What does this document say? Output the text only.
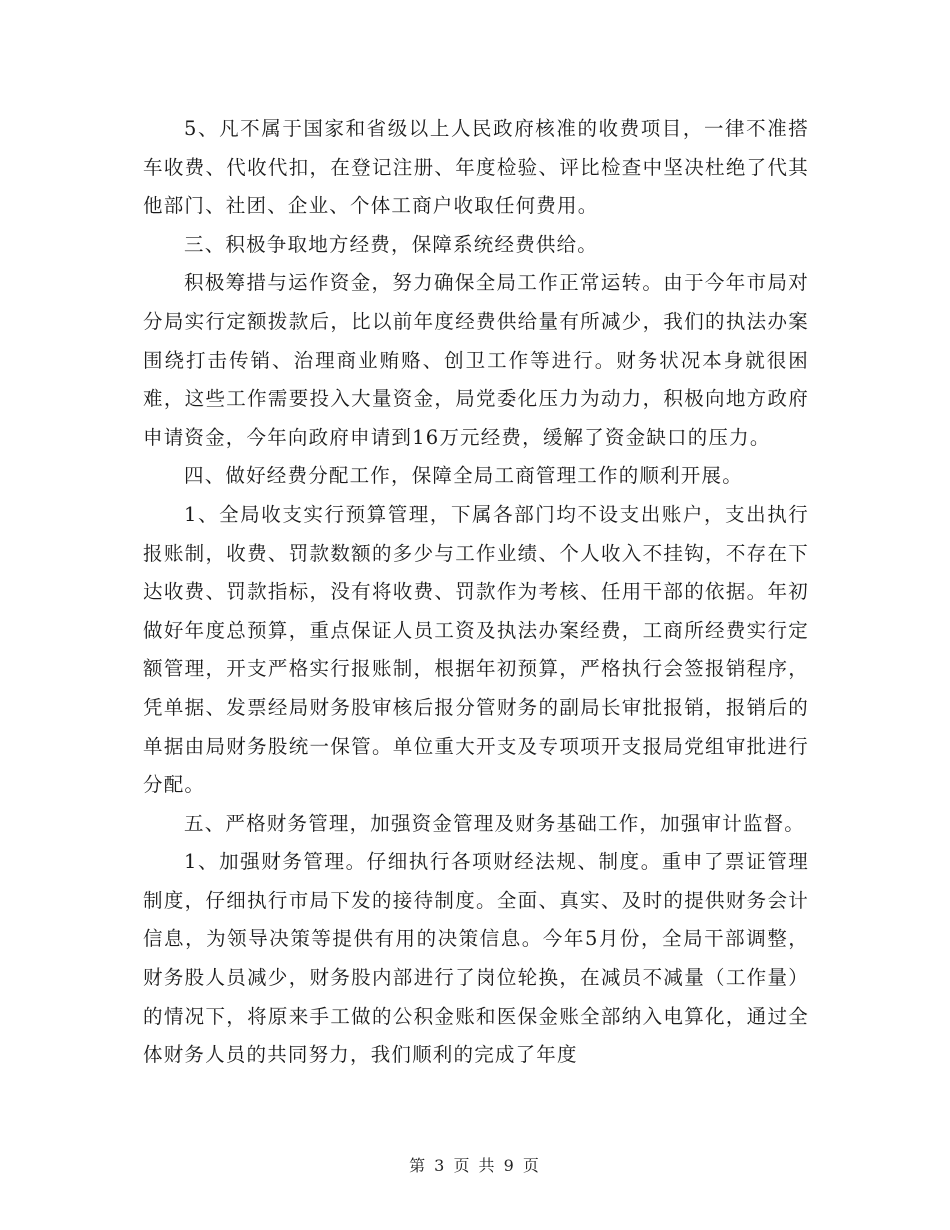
5、凡不属于国家和省级以上人民政府核准的收费项目，一律不准搭车收费、代收代扣，在登记注册、年度检验、评比检查中坚决杜绝了代其他部门、社团、企业、个体工商户收取任何费用。

三、积极争取地方经费，保障系统经费供给。

积极筹措与运作资金，努力确保全局工作正常运转。由于今年市局对分局实行定额拨款后，比以前年度经费供给量有所减少，我们的执法办案围绕打击传销、治理商业贿赂、创卫工作等进行。财务状况本身就很困难，这些工作需要投入大量资金，局党委化压力为动力，积极向地方政府申请资金，今年向政府申请到16万元经费，缓解了资金缺口的压力。

四、做好经费分配工作，保障全局工商管理工作的顺利开展。

1、全局收支实行预算管理，下属各部门均不设支出账户，支出执行报账制，收费、罚款数额的多少与工作业绩、个人收入不挂钩，不存在下达收费、罚款指标，没有将收费、罚款作为考核、任用干部的依据。年初做好年度总预算，重点保证人员工资及执法办案经费，工商所经费实行定额管理，开支严格实行报账制，根据年初预算，严格执行会签报销程序，凭单据、发票经局财务股审核后报分管财务的副局长审批报销，报销后的单据由局财务股统一保管。单位重大开支及专项项开支报局党组审批进行分配。

五、严格财务管理，加强资金管理及财务基础工作，加强审计监督。

1、加强财务管理。仔细执行各项财经法规、制度。重申了票证管理制度，仔细执行市局下发的接待制度。全面、真实、及时的提供财务会计信息，为领导决策等提供有用的决策信息。今年5月份，全局干部调整，财务股人员减少，财务股内部进行了岗位轮换，在减员不减量（工作量）的情况下，将原来手工做的公积金账和医保金账全部纳入电算化，通过全体财务人员的共同努力，我们顺利的完成了年度

第 3 页 共 9 页
